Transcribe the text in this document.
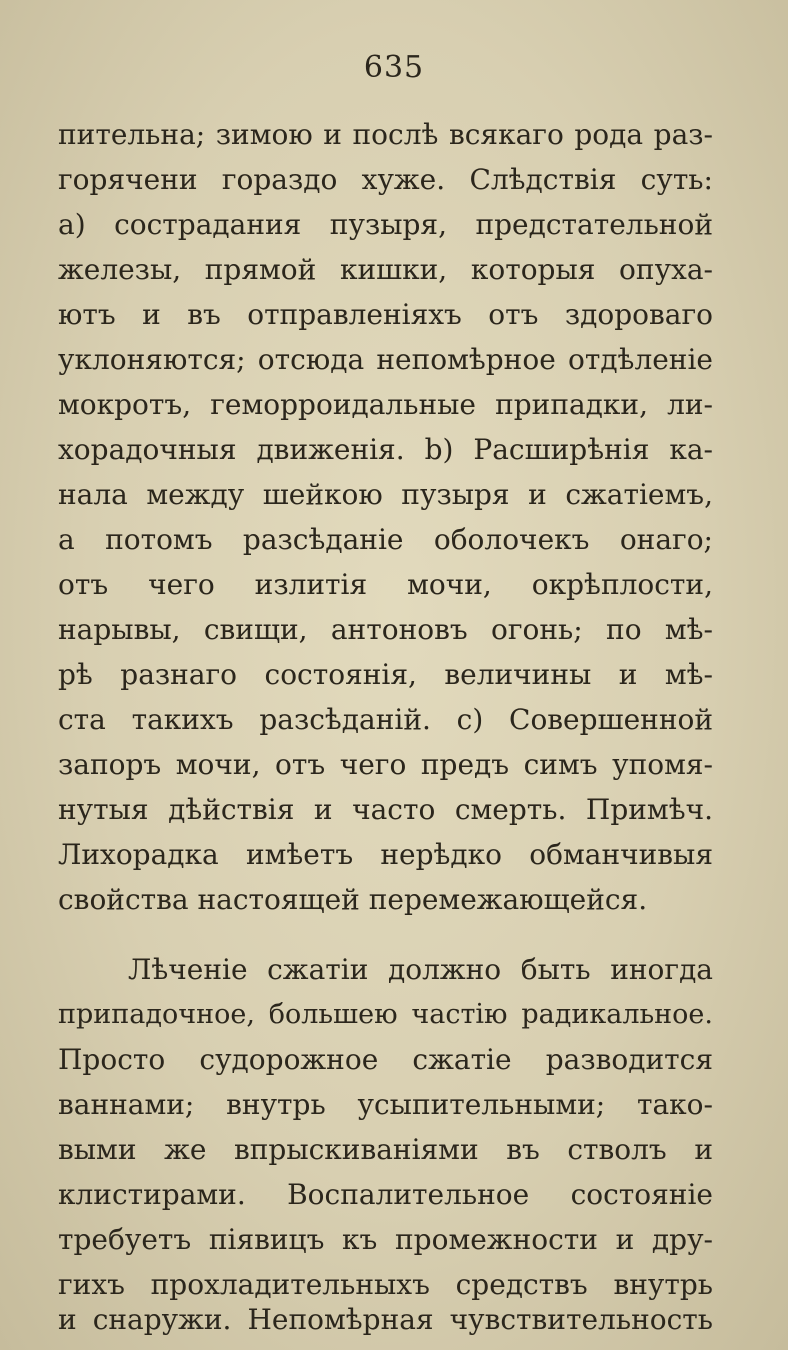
635
пительна; зимою и послѣ всякаго рода раз-
горячени гораздо хуже. Слѣдствія суть:
а) сострадания пузыря, предстательной
железы, прямой кишки, которыя опуха-
ютъ и въ отправленіяхъ отъ здороваго
уклоняются; отсюда непомѣрное отдѣленіе
мокротъ, геморроидальные припадки, ли-
хорадочныя движенія. b) Расширѣнія ка-
нала между шейкою пузыря и сжатіемъ,
а потомъ разсѣданіе оболочекъ онаго;
отъ чего излитія мочи, окрѣплости,
нарывы, свищи, антоновъ огонь; по мѣ-
рѣ разнаго состоянія, величины и мѣ-
ста такихъ разсѣданій. с) Совершенной
запоръ мочи, отъ чего предъ симъ упомя-
нутыя дѣйствія и часто смерть. Примѣч.
Лихорадка имѣетъ нерѣдко обманчивыя
свойства настоящей перемежающейся.
Лѣченіе сжатіи должно быть иногда
припадочное, большею частію радикальное.
Просто судорожное сжатіе разводится
ваннами; внутрь усыпительными; тако-
выми же впрыскиваніями въ стволъ и
клистирами. Воспалительное состояніе
требуетъ піявицъ къ промежности и дру-
гихъ прохладительныхъ средствъ внутрь
и снаружи. Непомѣрная чувствительность
